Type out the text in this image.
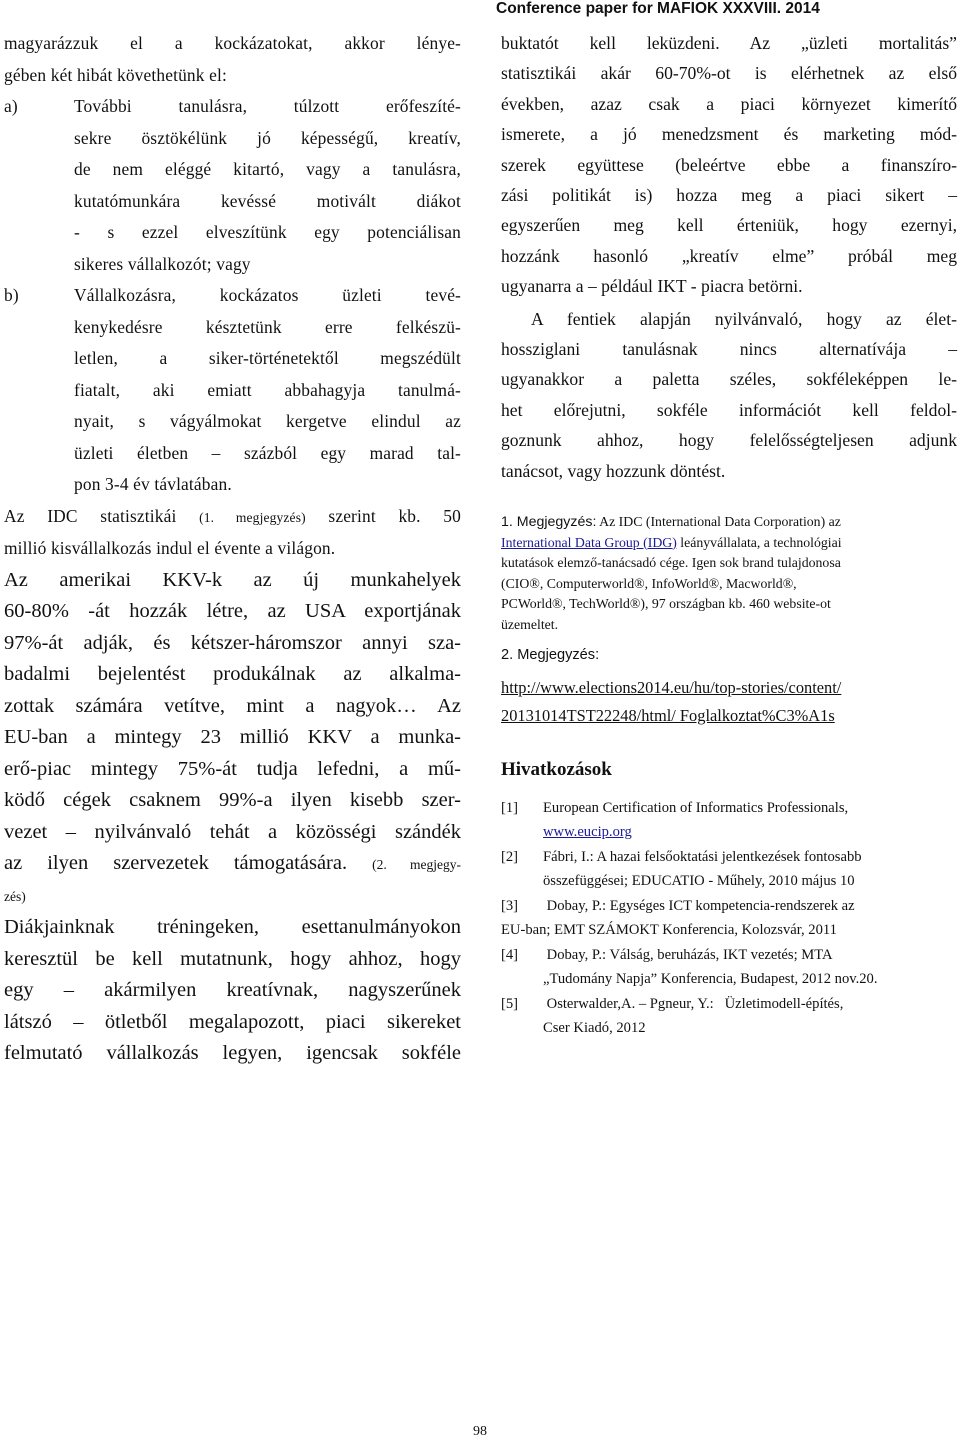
Conference paper for MAFIOK XXXVIII. 2014
magyarázzuk el a kockázatokat, akkor lénye-
gében két hibát követhetünk el:
a)	További tanulásra, túlzott erőfeszíté-
sekre ösztökélünk jó képességű, kreatív,
de nem eléggé kitartó, vagy a tanulásra,
kutatómunkára kevéssé motivált diákot
- s ezzel elveszítünk egy potenciálisan
sikeres vállalkozót; vagy
b)	Vállalkozásra, kockázatos üzleti tevé-
kenykedésre késztetünk erre felkészü-
letlen, a siker-történetektől megszédült
fiatalt, aki emiatt abbahagyja tanulmá-
nyait, s vágyálmokat kergetve elindul az
üzleti életben – százból egy marad tal-
pon 3-4 év távlatában.
Az IDC statisztikái (1. megjegyzés) szerint kb. 50
millió kisvállalkozás indul el évente a világon.
Az amerikai KKV-k az új munkahelyek
60-80% -át hozzák létre, az USA exportjának
97%-át adják, és kétszer-háromszor annyi sza-
badalmi bejelentést produkálnak az alkalma-
zottak számára vetítve, mint a nagyok… Az
EU-ban a mintegy 23 millió KKV a munka-
erő-piac mintegy 75%-át tudja lefedni, a mű-
ködő cégek csaknem 99%-a ilyen kisebb szer-
vezet – nyilvánvaló tehát a közösségi szándék
az ilyen szervezetek támogatására. (2. megjegy-
zés)
Diákjainknak tréningeken, esettanulmányokon
keresztül be kell mutatnunk, hogy ahhoz, hogy
egy – akármilyen kreatívnak, nagyszerűnek
látszó – ötletből megalapozott, piaci sikereket
felmutató vállalkozás legyen, igencsak sokféle
buktatót kell leküzdeni. Az „üzleti mortalitás”
statisztikái akár 60-70%-ot is elérhetnek az első
években, azaz csak a piaci környezet kimerítő
ismerete, a jó menedzsment és marketing mód-
szerek együttese (beleértve ebbe a finanszíro-
zási politikát is) hozza meg a piaci sikert –
egyszerűen meg kell érteniük, hogy ezernyi,
hozzánk hasonló „kreatív elme” próbál meg
ugyanarra a – például IKT - piacra betörni.
A fentiek alapján nyilvánvaló, hogy az élet-
hossziglani tanulásnak nincs alternatívája –
ugyanakkor a paletta széles, sokféleképpen le-
het előrejutni, sokféle információt kell feldol-
goznunk ahhoz, hogy felelősségteljesen adjunk
tanácsot, vagy hozzunk döntést.
1. Megjegyzés: Az IDC (International Data Corporation) az
International Data Group (IDG) leányvállalata, a technológiai
kutatások elemző-tanácsadó cége. Igen sok brand tulajdonosa
(CIO®, Computerworld®, InfoWorld®, Macworld®,
PCWorld®, TechWorld®), 97 országban kb. 460 website-ot
üzemeltet.
2. Megjegyzés:
http://www.elections2014.eu/hu/top-stories/content/
20131014TST22248/html/ Foglalkoztat%C3%A1s
Hivatkozások
[1] European Certification of Informatics Professionals,
www.eucip.org
[2] Fábri, I.: A hazai felsőoktatási jelentkezések fontosabb
összefüggései; EDUCATIO - Műhely, 2010 május 10
[3] Dobay, P.: Egységes ICT kompetencia-rendszerek az
EU-ban; EMT SZÁMOKT Konferencia, Kolozsvár, 2011
[4] Dobay, P.: Válság, beruházás, IKT vezetés; MTA
„Tudomány Napja” Konferencia, Budapest, 2012 nov.20.
[5] Osterwalder,A. – Pgneur, Y.:   Üzletimodell-építés,
Cser Kiadó, 2012
98
